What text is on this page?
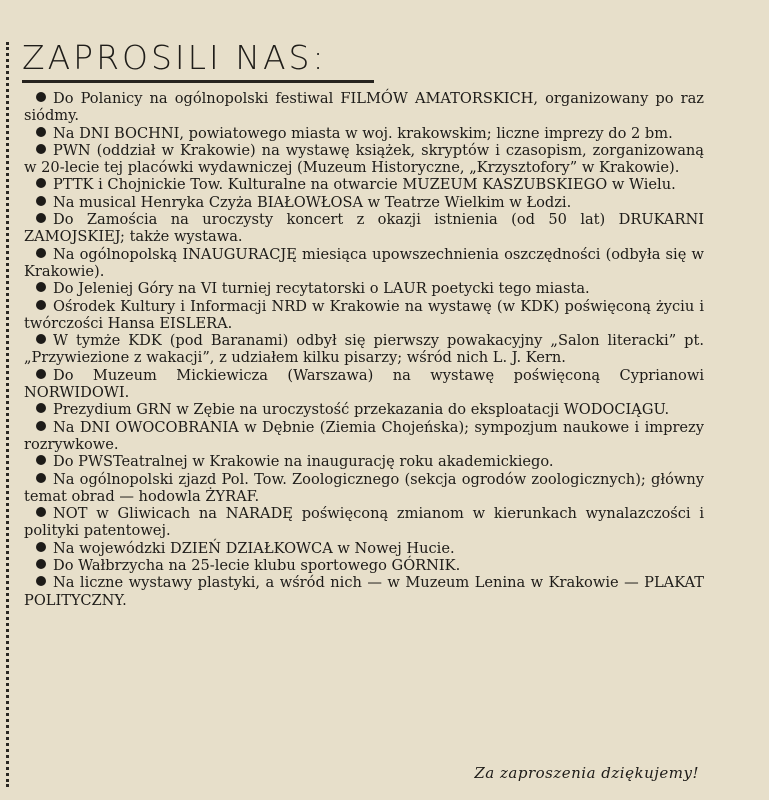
ZAPROSILI NAS:

Do Polanicy na ogólnopolski festiwal FILMÓW AMATORSKICH, organizowany po raz siódmy.

Na DNI BOCHNI, powiatowego miasta w woj. krakowskim; liczne imprezy do 2 bm.

PWN (oddział w Krakowie) na wystawę książek, skryptów i czasopism, zorganizowaną w 20-lecie tej placówki wydawniczej (Muzeum Historyczne, „Krzysztofory” w Krakowie).

PTTK i Chojnickie Tow. Kulturalne na otwarcie MUZEUM KASZUBSKIEGO w Wielu.

Na musical Henryka Czyża BIAŁOWŁOSA w Teatrze Wielkim w Łodzi.

Do Zamościa na uroczysty koncert z okazji istnienia (od 50 lat) DRUKARNI ZAMOJSKIEJ; także wystawa.

Na ogólnopolską INAUGURACJĘ miesiąca upowszechnienia oszczędności (odbyła się w Krakowie).

Do Jeleniej Góry na VI turniej recytatorski o LAUR poetycki tego miasta.

Ośrodek Kultury i Informacji NRD w Krakowie na wystawę (w KDK) poświęconą życiu i twórczości Hansa EISLERA.

W tymże KDK (pod Baranami) odbył się pierwszy powakacyjny „Salon literacki” pt. „Przywiezione z wakacji”, z udziałem kilku pisarzy; wśród nich L. J. Kern.

Do Muzeum Mickiewicza (Warszawa) na wystawę poświęconą Cyprianowi NORWIDOWI.

Prezydium GRN w Zębie na uroczystość przekazania do eksploatacji WODOCIĄGU.

Na DNI OWOCOBRANIA w Dębnie (Ziemia Chojeńska); sympozjum naukowe i imprezy rozrywkowe.

Do PWSTeatralnej w Krakowie na inaugurację roku akademickiego.

Na ogólnopolski zjazd Pol. Tow. Zoologicznego (sekcja ogrodów zoologicznych); główny temat obrad — hodowla ŻYRAF.

NOT w Gliwicach na NARADĘ poświęconą zmianom w kierunkach wynalazczości i polityki patentowej.

Na wojewódzki DZIEŃ DZIAŁKOWCA w Nowej Hucie.

Do Wałbrzycha na 25-lecie klubu sportowego GÓRNIK.

Na liczne wystawy plastyki, a wśród nich — w Muzeum Lenina w Krakowie — PLAKAT POLITYCZNY.

Za zaproszenia dziękujemy!
